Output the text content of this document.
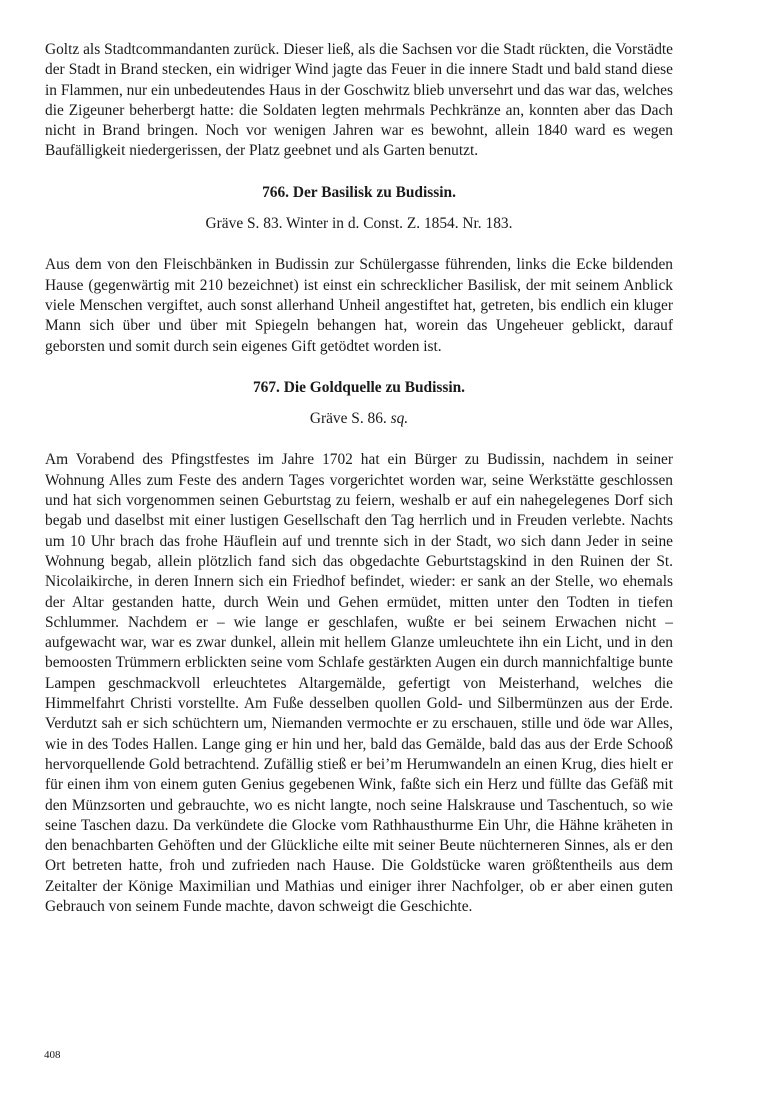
Goltz als Stadtcommandanten zurück. Dieser ließ, als die Sachsen vor die Stadt rückten, die Vorstädte der Stadt in Brand stecken, ein widriger Wind jagte das Feuer in die innere Stadt und bald stand diese in Flammen, nur ein unbedeutendes Haus in der Goschwitz blieb unversehrt und das war das, welches die Zigeuner beherbergt hatte: die Soldaten legten mehrmals Pechkränze an, konnten aber das Dach nicht in Brand bringen. Noch vor wenigen Jahren war es bewohnt, allein 1840 ward es wegen Baufälligkeit niedergerissen, der Platz geebnet und als Garten benutzt.

766. Der Basilisk zu Budissin.

Gräve S. 83. Winter in d. Const. Z. 1854. Nr. 183.

Aus dem von den Fleischbänken in Budissin zur Schülergasse führenden, links die Ecke bildenden Hause (gegenwärtig mit 210 bezeichnet) ist einst ein schrecklicher Basilisk, der mit seinem Anblick viele Menschen vergiftet, auch sonst allerhand Unheil angestiftet hat, getreten, bis endlich ein kluger Mann sich über und über mit Spiegeln behangen hat, worein das Ungeheuer geblickt, darauf geborsten und somit durch sein eigenes Gift getödtet worden ist.

767. Die Goldquelle zu Budissin.

Gräve S. 86. sq.

Am Vorabend des Pfingstfestes im Jahre 1702 hat ein Bürger zu Budissin, nachdem in seiner Wohnung Alles zum Feste des andern Tages vorgerichtet worden war, seine Werkstätte geschlossen und hat sich vorgenommen seinen Geburtstag zu feiern, weshalb er auf ein nahegelegenes Dorf sich begab und daselbst mit einer lustigen Gesellschaft den Tag herrlich und in Freuden verlebte. Nachts um 10 Uhr brach das frohe Häuflein auf und trennte sich in der Stadt, wo sich dann Jeder in seine Wohnung begab, allein plötzlich fand sich das obgedachte Geburtstagskind in den Ruinen der St. Nicolaikirche, in deren Innern sich ein Friedhof befindet, wieder: er sank an der Stelle, wo ehemals der Altar gestanden hatte, durch Wein und Gehen ermüdet, mitten unter den Todten in tiefen Schlummer. Nachdem er – wie lange er geschlafen, wußte er bei seinem Erwachen nicht – aufgewacht war, war es zwar dunkel, allein mit hellem Glanze umleuchtete ihn ein Licht, und in den bemoosten Trümmern erblickten seine vom Schlafe gestärkten Augen ein durch mannichfaltige bunte Lampen geschmackvoll erleuchtetes Altargemälde, gefertigt von Meisterhand, welches die Himmelfahrt Christi vorstellte. Am Fuße desselben quollen Gold- und Silbermünzen aus der Erde. Verdutzt sah er sich schüchtern um, Niemanden vermochte er zu erschauen, stille und öde war Alles, wie in des Todes Hallen. Lange ging er hin und her, bald das Gemälde, bald das aus der Erde Schooß hervorquellende Gold betrachtend. Zufällig stieß er bei’m Herumwandeln an einen Krug, dies hielt er für einen ihm von einem guten Genius gegebenen Wink, faßte sich ein Herz und füllte das Gefäß mit den Münzsorten und gebrauchte, wo es nicht langte, noch seine Halskrause und Taschentuch, so wie seine Taschen dazu. Da verkündete die Glocke vom Rathhausthurme Ein Uhr, die Hähne kräheten in den benachbarten Gehöften und der Glückliche eilte mit seiner Beute nüchterneren Sinnes, als er den Ort betreten hatte, froh und zufrieden nach Hause. Die Goldstücke waren größtentheils aus dem Zeitalter der Könige Maximilian und Mathias und einiger ihrer Nachfolger, ob er aber einen guten Gebrauch von seinem Funde machte, davon schweigt die Geschichte.

408
